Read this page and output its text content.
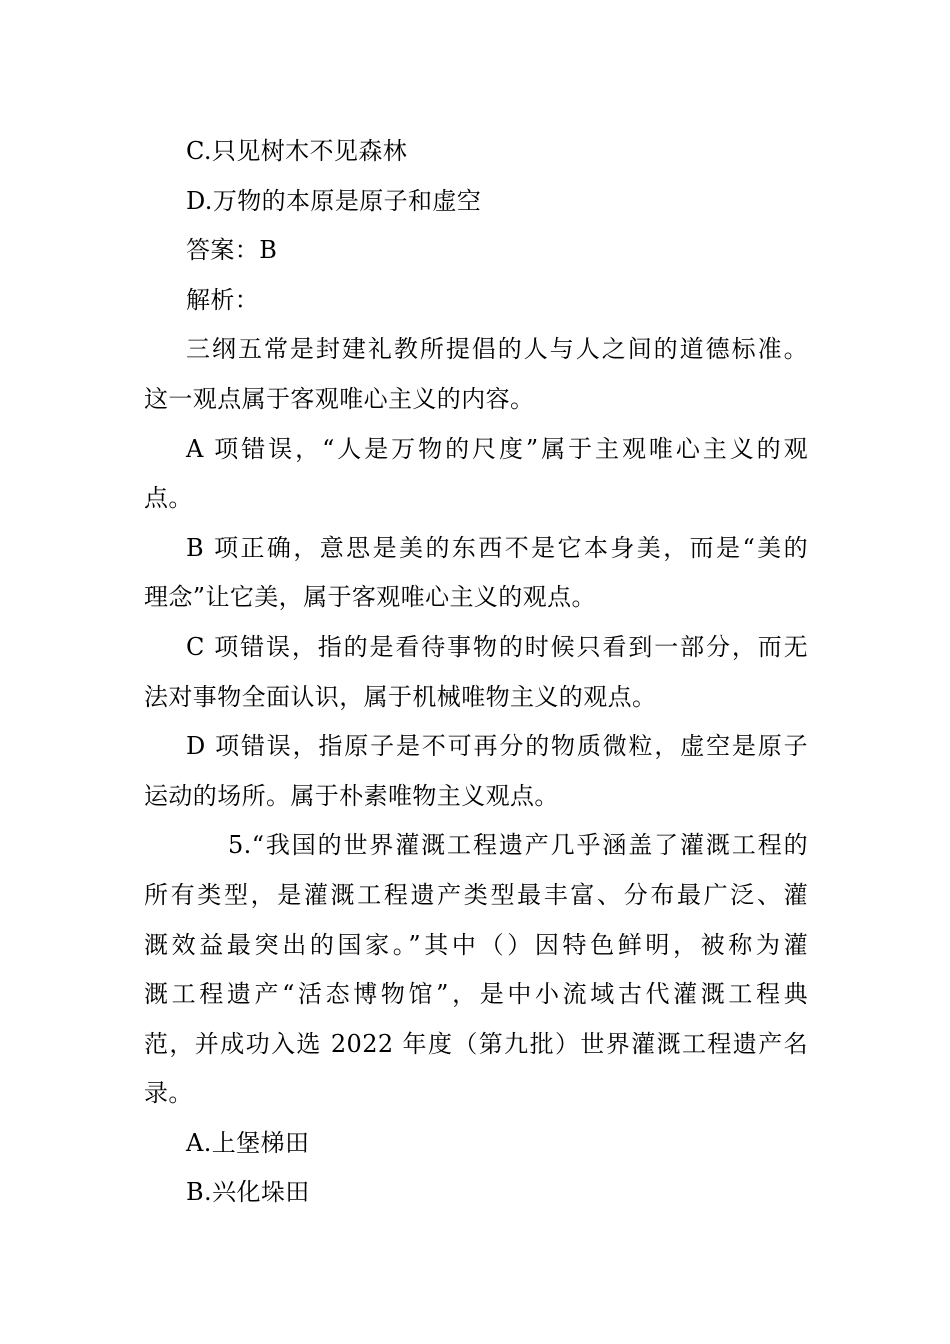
C.只见树木不见森林
D.万物的本原是原子和虚空
答案：B
解析：
三纲五常是封建礼教所提倡的人与人之间的道德标准。
这一观点属于客观唯心主义的内容。
A 项错误，“人是万物的尺度”属于主观唯心主义的观
点。
B 项正确，意思是美的东西不是它本身美，而是“美的
理念”让它美，属于客观唯心主义的观点。
C 项错误，指的是看待事物的时候只看到一部分，而无
法对事物全面认识，属于机械唯物主义的观点。
D 项错误，指原子是不可再分的物质微粒，虚空是原子
运动的场所。属于朴素唯物主义观点。
5.“我国的世界灌溉工程遗产几乎涵盖了灌溉工程的
所有类型，是灌溉工程遗产类型最丰富、分布最广泛、灌
溉效益最突出的国家。”其中（）因特色鲜明，被称为灌
溉工程遗产“活态博物馆”，是中小流域古代灌溉工程典
范，并成功入选 2022 年度（第九批）世界灌溉工程遗产名
录。
A.上堡梯田
B.兴化垛田
